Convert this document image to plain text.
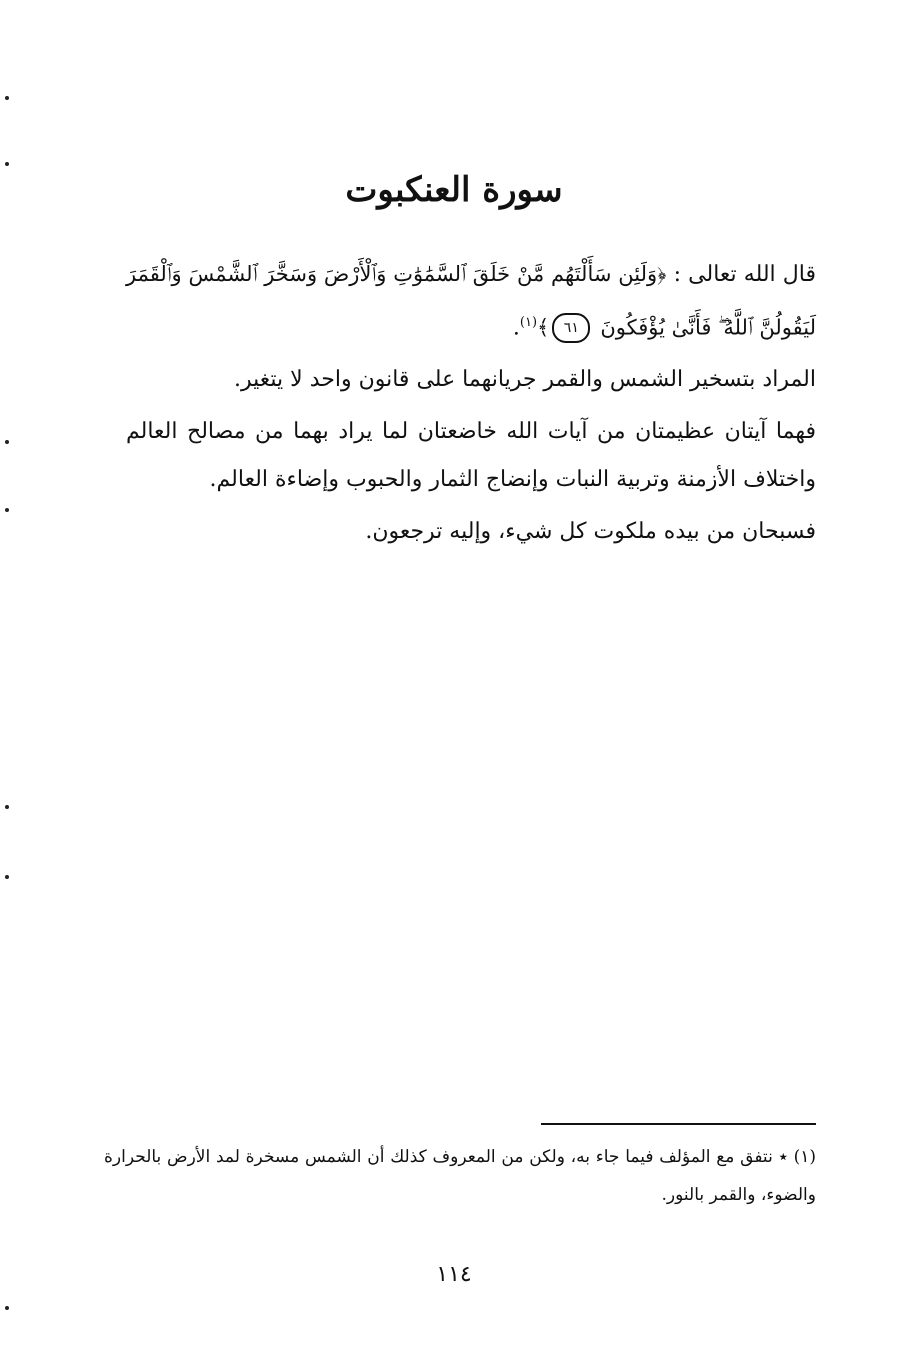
سورة العنكبوت

قال الله تعالى : ﴿وَلَئِن سَأَلْتَهُم مَّنْ خَلَقَ ٱلسَّمَٰوَٰتِ وَٱلْأَرْضَ وَسَخَّرَ ٱلشَّمْسَ وَٱلْقَمَرَ لَيَقُولُنَّ ٱللَّهُ ۖ فَأَنَّىٰ يُؤْفَكُونَ ٦١﴾$^{(١)}$.

المراد بتسخير الشمس والقمر جريانهما على قانون واحد لا يتغير.

فهما آيتان عظيمتان من آيات الله خاضعتان لما يراد بهما من مصالح العالم واختلاف الأزمنة وتربية النبات وإنضاج الثمار والحبوب وإضاءة العالم.

فسبحان من بيده ملكوت كل شيء، وإليه ترجعون.

(١) ٭ نتفق مع المؤلف فيما جاء به، ولكن من المعروف كذلك أن الشمس مسخرة لمد الأرض بالحرارة والضوء، والقمر بالنور.

١١٤
